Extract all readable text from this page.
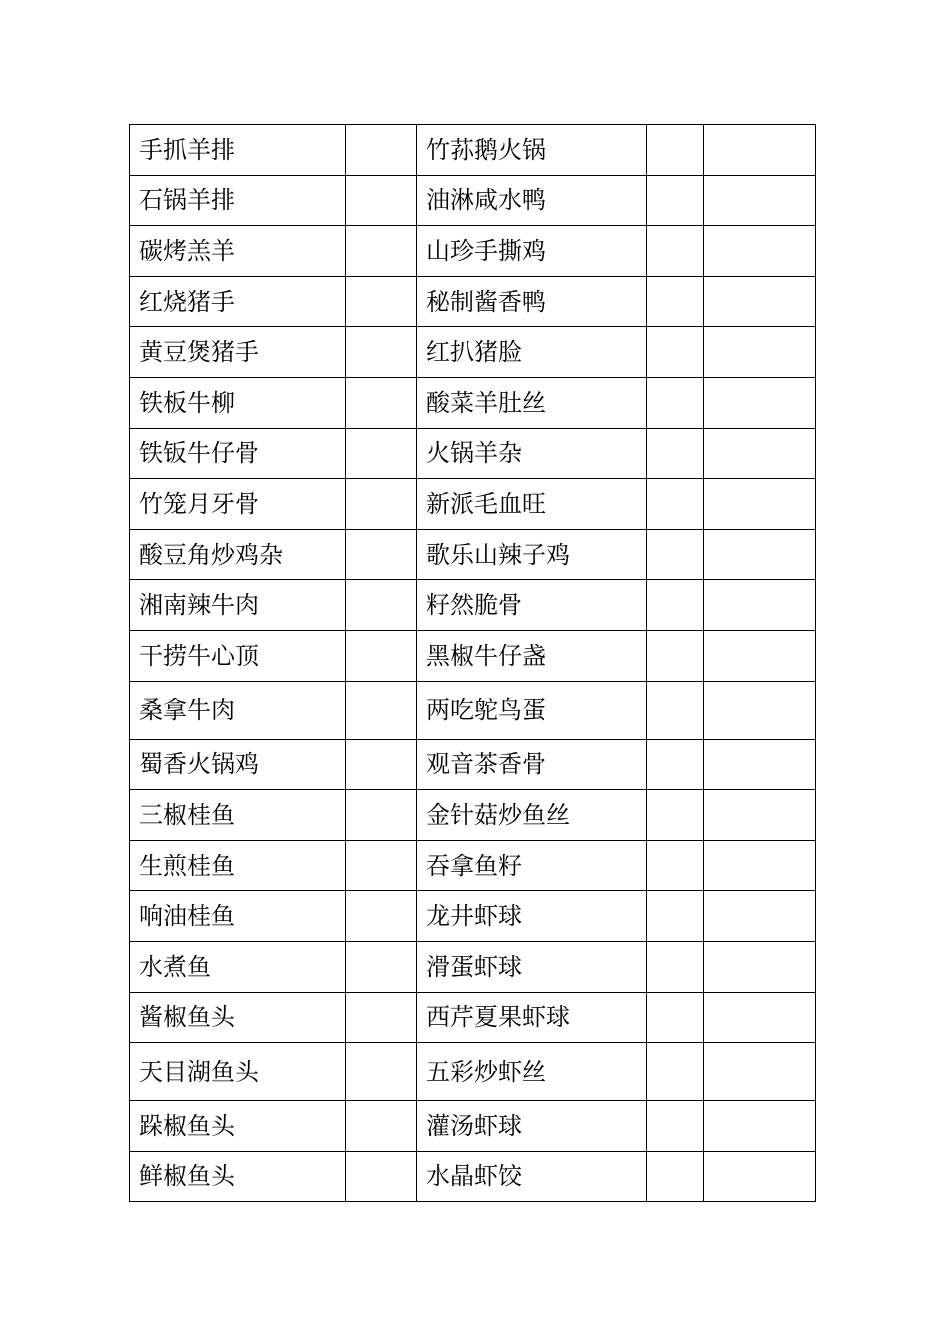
手抓羊排		竹荪鹅火锅		
石锅羊排		油淋咸水鸭		
碳烤羔羊		山珍手撕鸡		
红烧猪手		秘制酱香鸭		
黄豆煲猪手		红扒猪脸		
铁板牛柳		酸菜羊肚丝		
铁钣牛仔骨		火锅羊杂		
竹笼月牙骨		新派毛血旺		
酸豆角炒鸡杂		歌乐山辣子鸡		
湘南辣牛肉		籽然脆骨		
干捞牛心顶		黑椒牛仔盏		
桑拿牛肉		两吃鸵鸟蛋		
蜀香火锅鸡		观音茶香骨		
三椒桂鱼		金针菇炒鱼丝		
生煎桂鱼		吞拿鱼籽		
响油桂鱼		龙井虾球		
水煮鱼		滑蛋虾球		
酱椒鱼头		西芹夏果虾球		
天目湖鱼头		五彩炒虾丝		
跺椒鱼头		灌汤虾球		
鲜椒鱼头		水晶虾饺		
